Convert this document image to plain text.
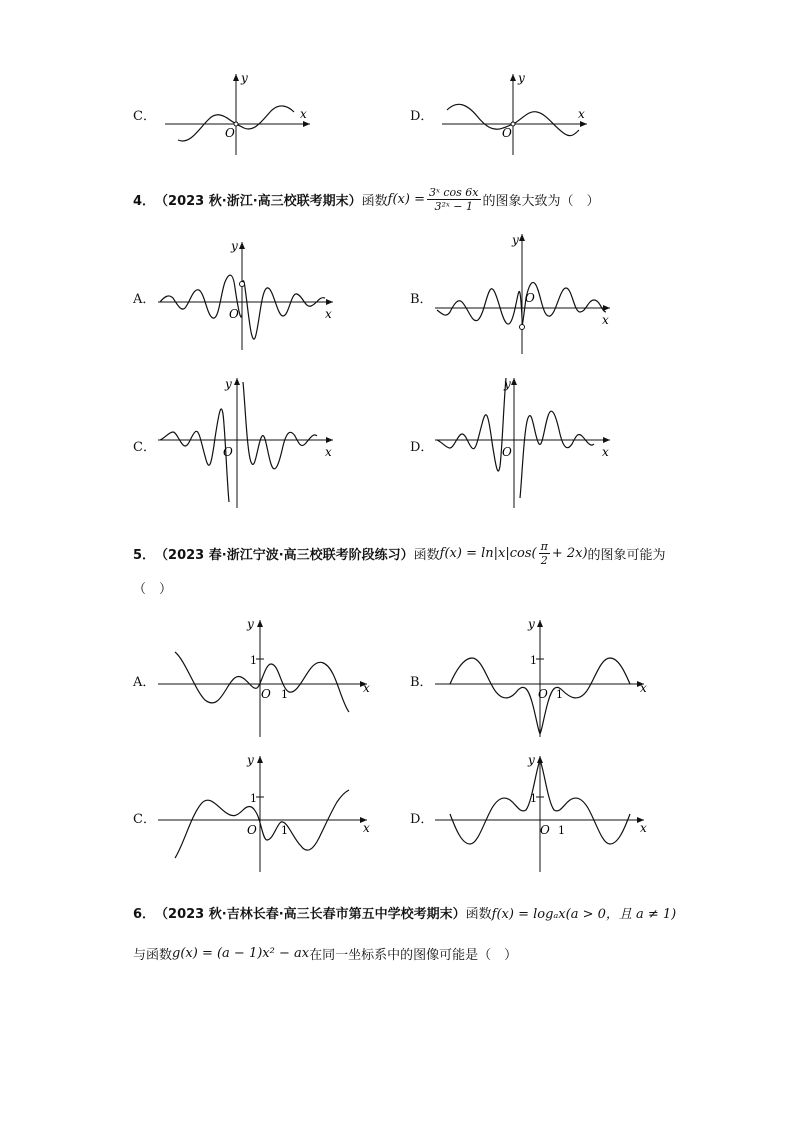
C．	x
y
O
D．	x
y
O
4． （2023 秋·浙江·高三校联考期末） 函数 $f(x) = \frac{\text{3ˣ cos 6x}}{\text{3²ˣ − 1}}$ 的图象大致为（　）
A．
x
y
O
B．
x
y
O
C．	x
y
O	D．	x
y
O
5． （2023 春·浙江宁波·高三校联考阶段练习） 函数 $f(x) = \ln|x|\cos( \frac{\pi}{2} + 2x)$ 的图象可能为
（　）
A．	x
y
1
O 1
B．	x
y
1
O 1
C．
x
y
1
O 1
D．
x
y
1
O 1
6． （2023 秋·吉林长春·高三长春市第五中学校考期末） 函数 f(x) = logₐx(a > 0，且 a ≠ 1)
与函数 g(x) = (a − 1)x² − ax 在同一坐标系中的图像可能是（　）
